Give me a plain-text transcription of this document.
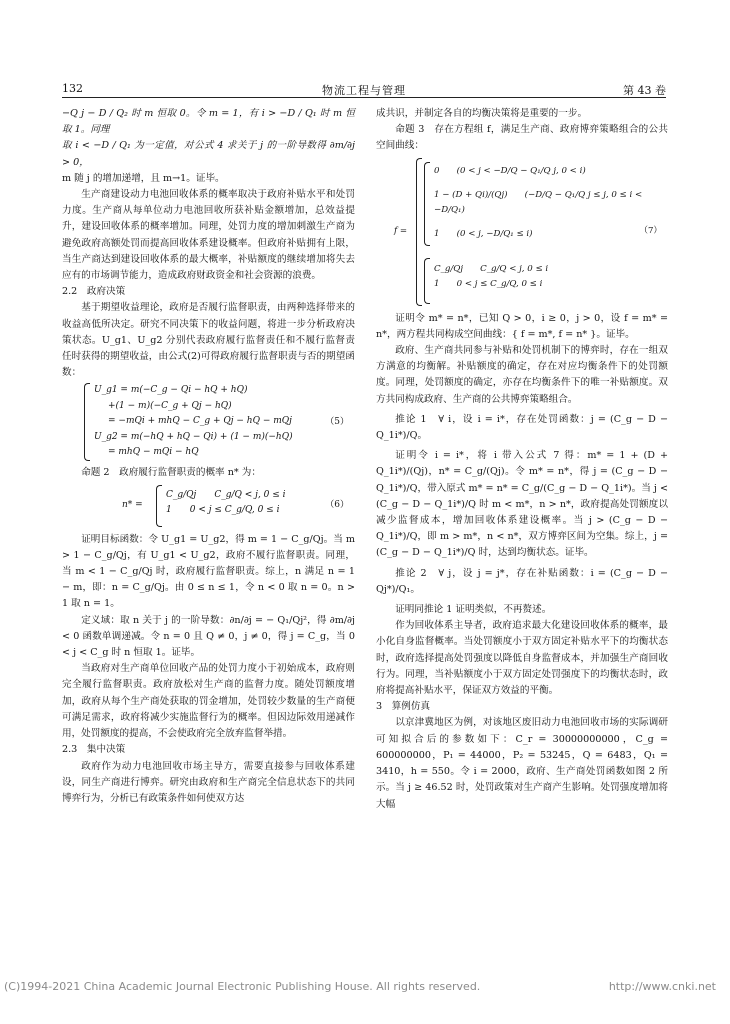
132	物流工程与管理	第 43 卷

−Q j − D / Q₂ 时 m 恒取 0。令 m = 1，有 i > −D / Q₁ 时 m 恒取 1。同理

取 i < −D / Q₁ 为一定值，对公式 4 求关于 j 的一阶导数得 ∂m/∂j > 0，

m 随 j 的增加递增，且 m→1。证毕。

生产商建设动力电池回收体系的概率取决于政府补贴水平和处罚力度。生产商从每单位动力电池回收所获补贴金额增加，总效益提升，建设回收体系的概率增加。同理，处罚力度的增加刺激生产商为避免政府高额处罚而提高回收体系建设概率。但政府补贴拥有上限，当生产商达到建设回收体系的最大概率，补贴额度的继续增加将失去应有的市场调节能力，造成政府财政资金和社会资源的浪费。

2.2　政府决策

基于期望收益理论，政府是否履行监督职责，由两种选择带来的收益高低所决定。研究不同决策下的收益问题，将进一步分析政府决策状态。U_g1、U_g2 分别代表政府履行监督责任和不履行监督责任时获得的期望收益，由公式(2)可得政府履行监督职责与否的期望函数：

U_g1 = m(−C_g − Qi − hQ + hQ)
+(1 − m)(−C_g + Qj − hQ)
= −mQi + mhQ − C_g + Qj − hQ − mQj
U_g2 = m(−hQ + hQ − Qi) + (1 − m)(−hQ)
= mhQ − mQi − hQ
（5）

命题 2　政府履行监督职责的概率 n* 为：

n* =
C_g/Qj　　C_g/Q < j, 0 ≤ i
1　　0 < j ≤ C_g/Q, 0 ≤ i
（6）

证明目标函数：令 U_g1 = U_g2，得 m = 1 − C_g/Qj。当 m > 1 − C_g/Qj，有 U_g1 < U_g2，政府不履行监督职责。同理，当 m < 1 − C_g/Qj 时，政府履行监督职责。综上，n 满足 n = 1 − m，即：n = C_g/Qj。由 0 ≤ n ≤ 1，令 n < 0 取 n = 0。n > 1 取 n = 1。

定义域：取 n 关于 j 的一阶导数：∂n/∂j = − Q₁/Qj²，得 ∂m/∂j < 0 函数单调递减。令 n = 0 且 Q ≠ 0，j ≠ 0，得 j = C_g，当 0 < j < C_g 时 n 恒取 1。证毕。

当政府对生产商单位回收产品的处罚力度小于初始成本，政府则完全履行监督职责。政府放松对生产商的监督力度。随处罚额度增加，政府从每个生产商处获取的罚金增加，处罚较少数量的生产商便可满足需求，政府将减少实施监督行为的概率。但因边际效用递减作用，处罚额度的提高，不会使政府完全放弃监督举措。

2.3　集中决策

政府作为动力电池回收市场主导方，需要直接参与回收体系建设，同生产商进行博弈。研究由政府和生产商完全信息状态下的共同博弈行为，分析已有政策条件如何使双方达

成共识，并制定各自的均衡决策将是重要的一步。

命题 3　存在方程组 f，满足生产商、政府博弈策略组合的公共空间曲线：

f =
0　　(0 < j < −D/Q − Q₁/Q j, 0 < i)
1 − (D + Qi)/(Qj)　　(−D/Q − Q₁/Q j ≤ j, 0 ≤ i < −D/Q₁)
1　　(0 < j, −D/Q₁ ≤ i)
C_g/Qj　　C_g/Q < j, 0 ≤ i
1　　0 < j ≤ C_g/Q, 0 ≤ i
（7）

证明令 m* = n*，已知 Q > 0，i ≥ 0，j > 0，设 f = m* = n*，两方程共同构成空间曲线：{ f = m*, f = n* }。证毕。

政府、生产商共同参与补贴和处罚机制下的博弈时，存在一组双方满意的均衡解。补贴额度的确定，存在对应均衡条件下的处罚额度。同理，处罚额度的确定，亦存在均衡条件下的唯一补贴额度。双方共同构成政府、生产商的公共博弈策略组合。

推论 1　∀ i，设 i = i*，存在处罚函数：j = (C_g − D − Q_1i*)/Q。

证明令 i = i*，将 i 带入公式 7 得：m* = 1 + (D + Q_1i*)/(Qj)，n* = C_g/(Qj)。令 m* = n*，得 j = (C_g − D − Q_1i*)/Q，带入原式 m* = n* = C_g/(C_g − D − Q_1i*)。当 j < (C_g − D − Q_1i*)/Q 时 m < m*，n > n*，政府提高处罚额度以减少监督成本，增加回收体系建设概率。当 j > (C_g − D − Q_1i*)/Q，即 m > m*，n < n*，双方博弈区间为空集。综上，j = (C_g − D − Q_1i*)/Q 时，达到均衡状态。证毕。

推论 2　∀ j，设 j = j*，存在补贴函数：i = (C_g − D − Qj*)/Q₁。

证明同推论 1 证明类似，不再赘述。

作为回收体系主导者，政府追求最大化建设回收体系的概率，最小化自身监督概率。当处罚额度小于双方固定补贴水平下的均衡状态时，政府选择提高处罚强度以降低自身监督成本，并加强生产商回收行为。同理，当补贴额度小于双方固定处罚强度下的均衡状态时，政府将提高补贴水平，保证双方效益的平衡。

3　算例仿真

以京津冀地区为例，对该地区废旧动力电池回收市场的实际调研可知拟合后的参数如下：C_r = 30000000000，C_g = 600000000，P₁ = 44000，P₂ = 53245，Q = 6483，Q₁ = 3410，h = 550。令 i = 2000，政府、生产商处罚函数如图 2 所示。当 j ≥ 46.52 时，处罚政策对生产商产生影响。处罚强度增加将大幅

(C)1994-2021 China Academic Journal Electronic Publishing House. All rights reserved.	http://www.cnki.net
